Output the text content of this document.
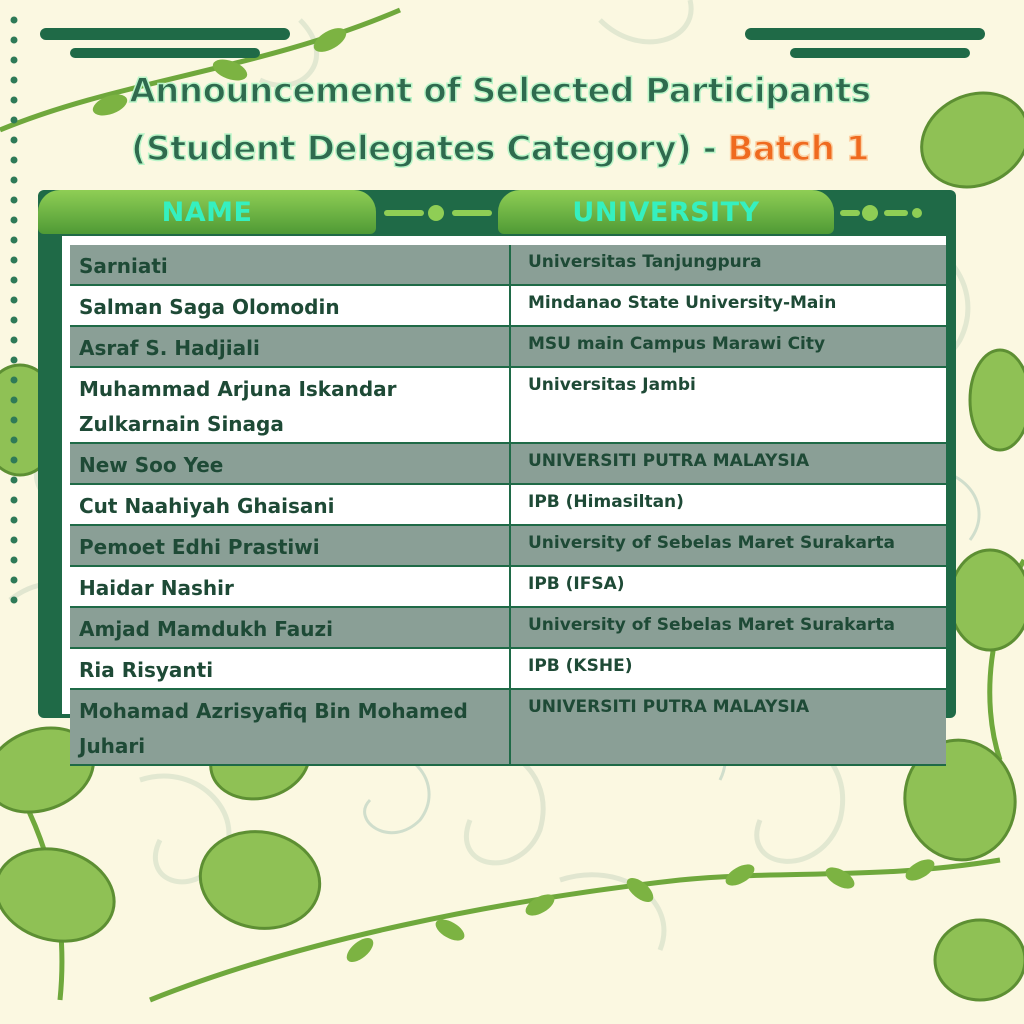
Announcement of Selected Participants
(Student Delegates Category) - Batch 1
NAME	UNIVERSITY
Sarniati	Universitas Tanjungpura
Salman Saga Olomodin	Mindanao State University-Main
Asraf S. Hadjiali	MSU main Campus Marawi City
Muhammad Arjuna Iskandar Zulkarnain Sinaga	Universitas Jambi
New Soo Yee	UNIVERSITI PUTRA MALAYSIA
Cut Naahiyah Ghaisani	IPB (Himasiltan)
Pemoet Edhi Prastiwi	University of Sebelas Maret Surakarta
Haidar Nashir	IPB (IFSA)
Amjad Mamdukh Fauzi	University of Sebelas Maret Surakarta
Ria Risyanti	IPB (KSHE)
Mohamad Azrisyafiq Bin Mohamed Juhari	UNIVERSITI PUTRA MALAYSIA
